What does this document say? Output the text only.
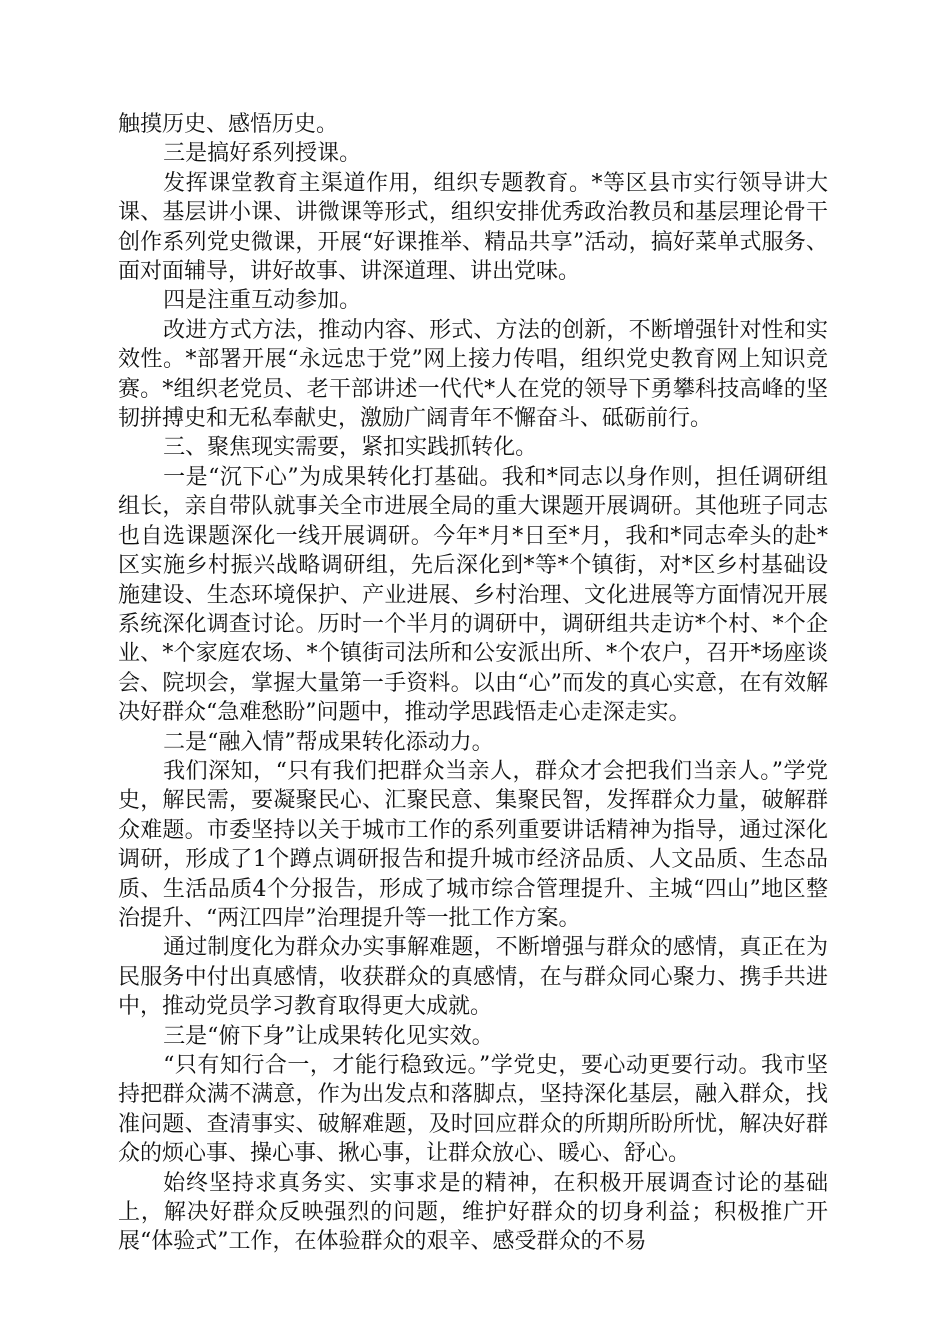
触摸历史、感悟历史。

三是搞好系列授课。

发挥课堂教育主渠道作用，组织专题教育。*等区县市实行领导讲大课、基层讲小课、讲微课等形式，组织安排优秀政治教员和基层理论骨干创作系列党史微课，开展“好课推举、精品共享”活动，搞好菜单式服务、面对面辅导，讲好故事、讲深道理、讲出党味。

四是注重互动参加。

改进方式方法，推动内容、形式、方法的创新，不断增强针对性和实效性。*部署开展“永远忠于党”网上接力传唱，组织党史教育网上知识竞赛。*组织老党员、老干部讲述一代代*人在党的领导下勇攀科技高峰的坚韧拼搏史和无私奉献史，激励广阔青年不懈奋斗、砥砺前行。

三、聚焦现实需要，紧扣实践抓转化。

一是“沉下心”为成果转化打基础。我和*同志以身作则，担任调研组组长，亲自带队就事关全市进展全局的重大课题开展调研。其他班子同志也自选课题深化一线开展调研。今年*月*日至*月，我和*同志牵头的赴*区实施乡村振兴战略调研组，先后深化到*等*个镇街，对*区乡村基础设施建设、生态环境保护、产业进展、乡村治理、文化进展等方面情况开展系统深化调查讨论。历时一个半月的调研中，调研组共走访*个村、*个企业、*个家庭农场、*个镇街司法所和公安派出所、*个农户，召开*场座谈会、院坝会，掌握大量第一手资料。以由“心”而发的真心实意，在有效解决好群众“急难愁盼”问题中，推动学思践悟走心走深走实。

二是“融入情”帮成果转化添动力。

我们深知，“只有我们把群众当亲人，群众才会把我们当亲人。”学党史，解民需，要凝聚民心、汇聚民意、集聚民智，发挥群众力量，破解群众难题。市委坚持以关于城市工作的系列重要讲话精神为指导，通过深化调研，形成了1个蹲点调研报告和提升城市经济品质、人文品质、生态品质、生活品质4个分报告，形成了城市综合管理提升、主城“四山”地区整治提升、“两江四岸”治理提升等一批工作方案。

通过制度化为群众办实事解难题，不断增强与群众的感情，真正在为民服务中付出真感情，收获群众的真感情，在与群众同心聚力、携手共进中，推动党员学习教育取得更大成就。

三是“俯下身”让成果转化见实效。

“只有知行合一，才能行稳致远。”学党史，要心动更要行动。我市坚持把群众满不满意，作为出发点和落脚点，坚持深化基层，融入群众，找准问题、查清事实、破解难题，及时回应群众的所期所盼所忧，解决好群众的烦心事、操心事、揪心事，让群众放心、暖心、舒心。

始终坚持求真务实、实事求是的精神，在积极开展调查讨论的基础上，解决好群众反映强烈的问题，维护好群众的切身利益；积极推广开展“体验式”工作，在体验群众的艰辛、感受群众的不易
